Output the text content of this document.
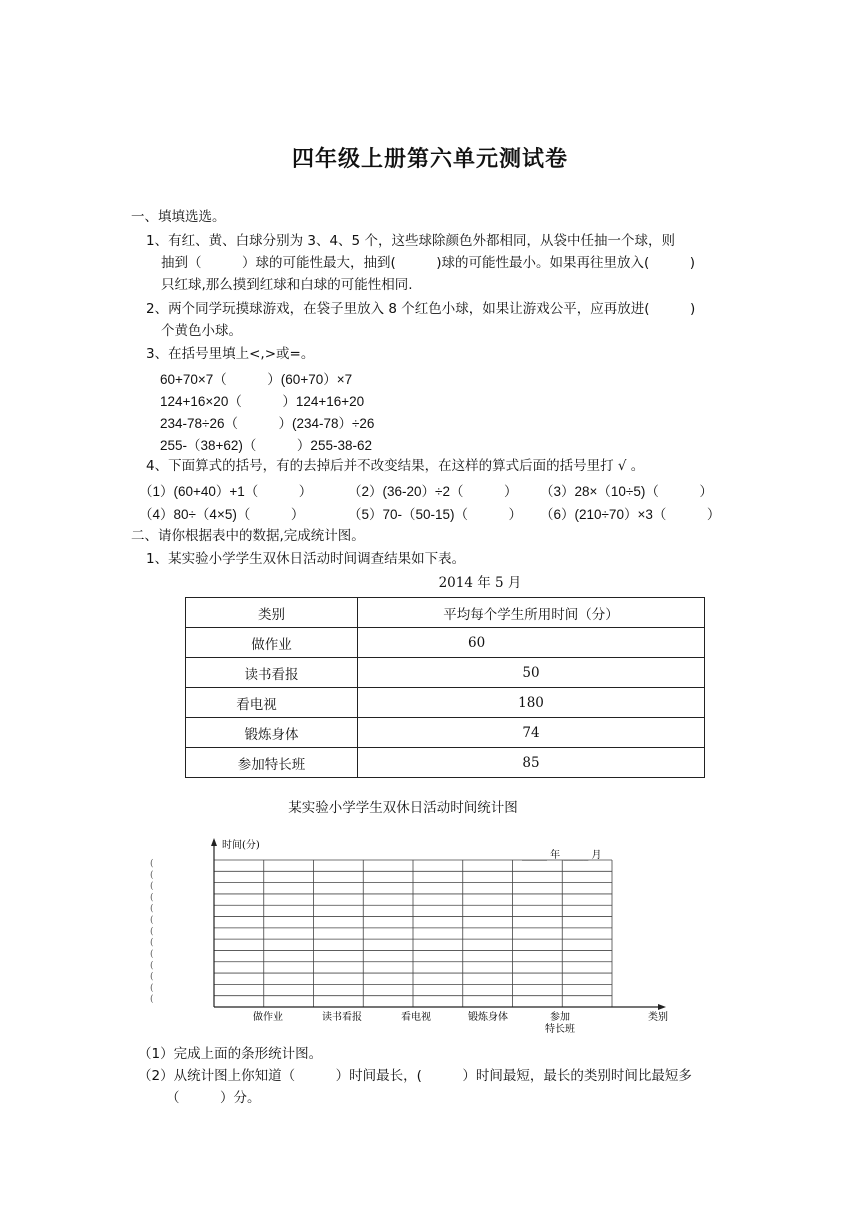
四年级上册第六单元测试卷
一、填填选选。
1、有红、黄、白球分别为 3、4、5 个，这些球除颜色外都相同，从袋中任抽一个球，则
抽到（　　　）球的可能性最大，抽到(　　　)球的可能性最小。如果再往里放入(　　　)
只红球,那么摸到红球和白球的可能性相同.
2、两个同学玩摸球游戏，在袋子里放入 8 个红色小球，如果让游戏公平，应再放进(　　　)
个黄色小球。
3、在括号里填上<,>或=。
60+70×7（　　　）(60+70）×7
124+16×20（　　　）124+16+20
234-78÷26（　　　）(234-78）÷26
255-（38+62)（　　　）255-38-62
4、下面算式的括号，有的去掉后并不改变结果，在这样的算式后面的括号里打 √ 。
（1）(60+40）+1（　　　）	（2）(36-20）÷2（　　　） （3）28×（10÷5)（　　　）
（4）80÷（4×5)（　　　）	（5）70-（50-15)（　　　） （6）(210÷70）×3（　　　）
二、请你根据表中的数据,完成统计图。
1、某实验小学学生双休日活动时间调查结果如下表。
2014 年 5 月
类别	平均每个学生所用时间（分）
做作业	60
读书看报	50
看电视	180
锻炼身体	74
参加特长班	85
某实验小学学生双休日活动时间统计图
时间(分)
_____ 年 _____ 月
(
(
(
(
(
(
(
(
(
(
(
(
(
做作业	读书看报	看电视	锻炼身体	参加
特长班
类别
（1）完成上面的条形统计图。
（2）从统计图上你知道（　　　）时间最长，(　　　）时间最短，最长的类别时间比最短多
（　　　）分。
